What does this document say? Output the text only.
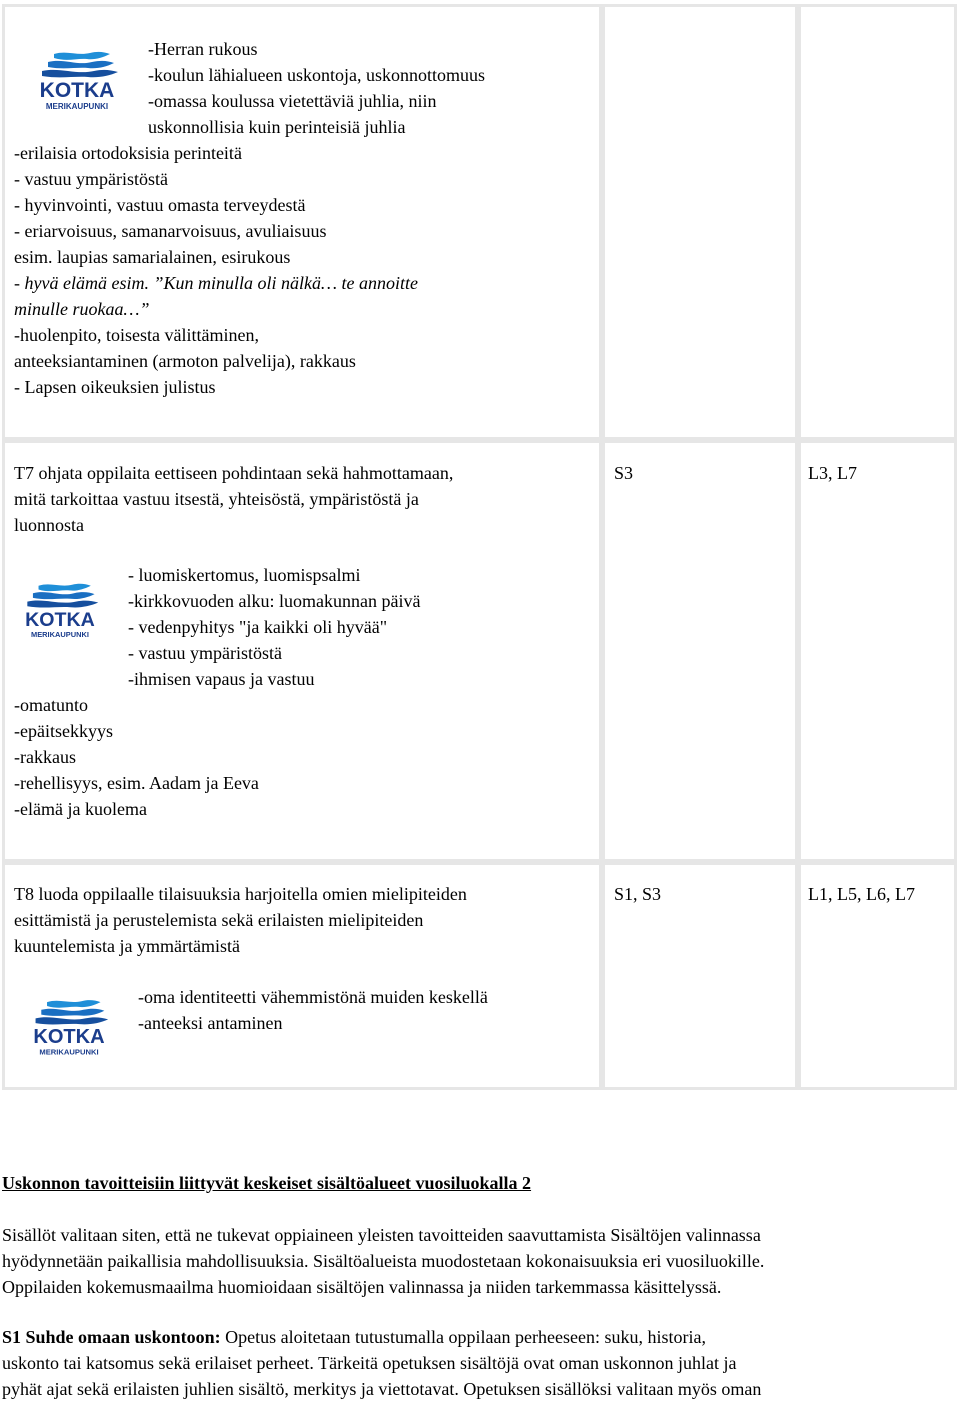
KOTKA
MERIKAUPUNKI
-Herran rukous
-koulun lähialueen uskontoja, uskonnottomuus
-omassa koulussa vietettäviä juhlia, niin
uskonnollisia kuin perinteisiä juhlia
-erilaisia ortodoksisia perinteitä
- vastuu ympäristöstä
- hyvinvointi, vastuu omasta terveydestä
- eriarvoisuus, samanarvoisuus, avuliaisuus
esim. laupias samarialainen, esirukous
- hyvä elämä esim. ”Kun minulla oli nälkä… te annoitte
minulle ruokaa…”
-huolenpito, toisesta välittäminen,
anteeksiantaminen (armoton palvelija), rakkaus
- Lapsen oikeuksien julistus
T7 ohjata oppilaita eettiseen pohdintaan sekä hahmottamaan,
mitä tarkoittaa vastuu itsestä, yhteisöstä, ympäristöstä ja
luonnosta
S3	L3, L7
KOTKA
MERIKAUPUNKI
- luomiskertomus, luomispsalmi
-kirkkovuoden alku: luomakunnan päivä
- vedenpyhitys "ja kaikki oli hyvää"
- vastuu ympäristöstä
-ihmisen vapaus ja vastuu
-omatunto
-epäitsekkyys
-rakkaus
-rehellisyys, esim. Aadam ja Eeva
-elämä ja kuolema
T8 luoda oppilaalle tilaisuuksia harjoitella omien mielipiteiden
esittämistä ja perustelemista sekä erilaisten mielipiteiden
kuuntelemista ja ymmärtämistä
S1, S3	L1, L5, L6, L7
KOTKA
MERIKAUPUNKI
-oma identiteetti vähemmistönä muiden keskellä
-anteeksi antaminen
Uskonnon tavoitteisiin liittyvät keskeiset sisältöalueet vuosiluokalla 2
Sisällöt valitaan siten, että ne tukevat oppiaineen yleisten tavoitteiden saavuttamista Sisältöjen valinnassa
hyödynnetään paikallisia mahdollisuuksia. Sisältöalueista muodostetaan kokonaisuuksia eri vuosiluokille.
Oppilaiden kokemusmaailma huomioidaan sisältöjen valinnassa ja niiden tarkemmassa käsittelyssä.
S1 Suhde omaan uskontoon: Opetus aloitetaan tutustumalla oppilaan perheeseen: suku, historia,
uskonto tai katsomus sekä erilaiset perheet. Tärkeitä opetuksen sisältöjä ovat oman uskonnon juhlat ja
pyhät ajat sekä erilaisten juhlien sisältö, merkitys ja viettotavat. Opetuksen sisällöksi valitaan myös oman
